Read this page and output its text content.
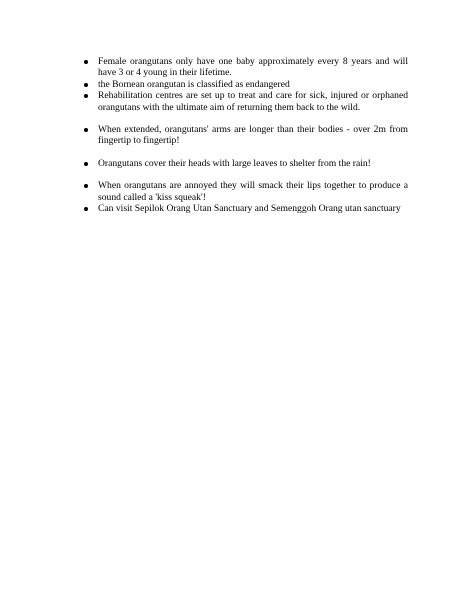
Female orangutans only have one baby approximately every 8 years and will have 3 or 4 young in their lifetime.
the Bornean orangutan is classified as endangered
Rehabilitation centres are set up to treat and care for sick, injured or orphaned orangutans with the ultimate aim of returning them back to the wild.
When extended, orangutans' arms are longer than their bodies - over 2m from fingertip to fingertip!
Orangutans cover their heads with large leaves to shelter from the rain!
When orangutans are annoyed they will smack their lips together to produce a sound called a 'kiss squeak'!
Can visit Sepilok Orang Utan Sanctuary and Semenggoh Orang utan sanctuary
